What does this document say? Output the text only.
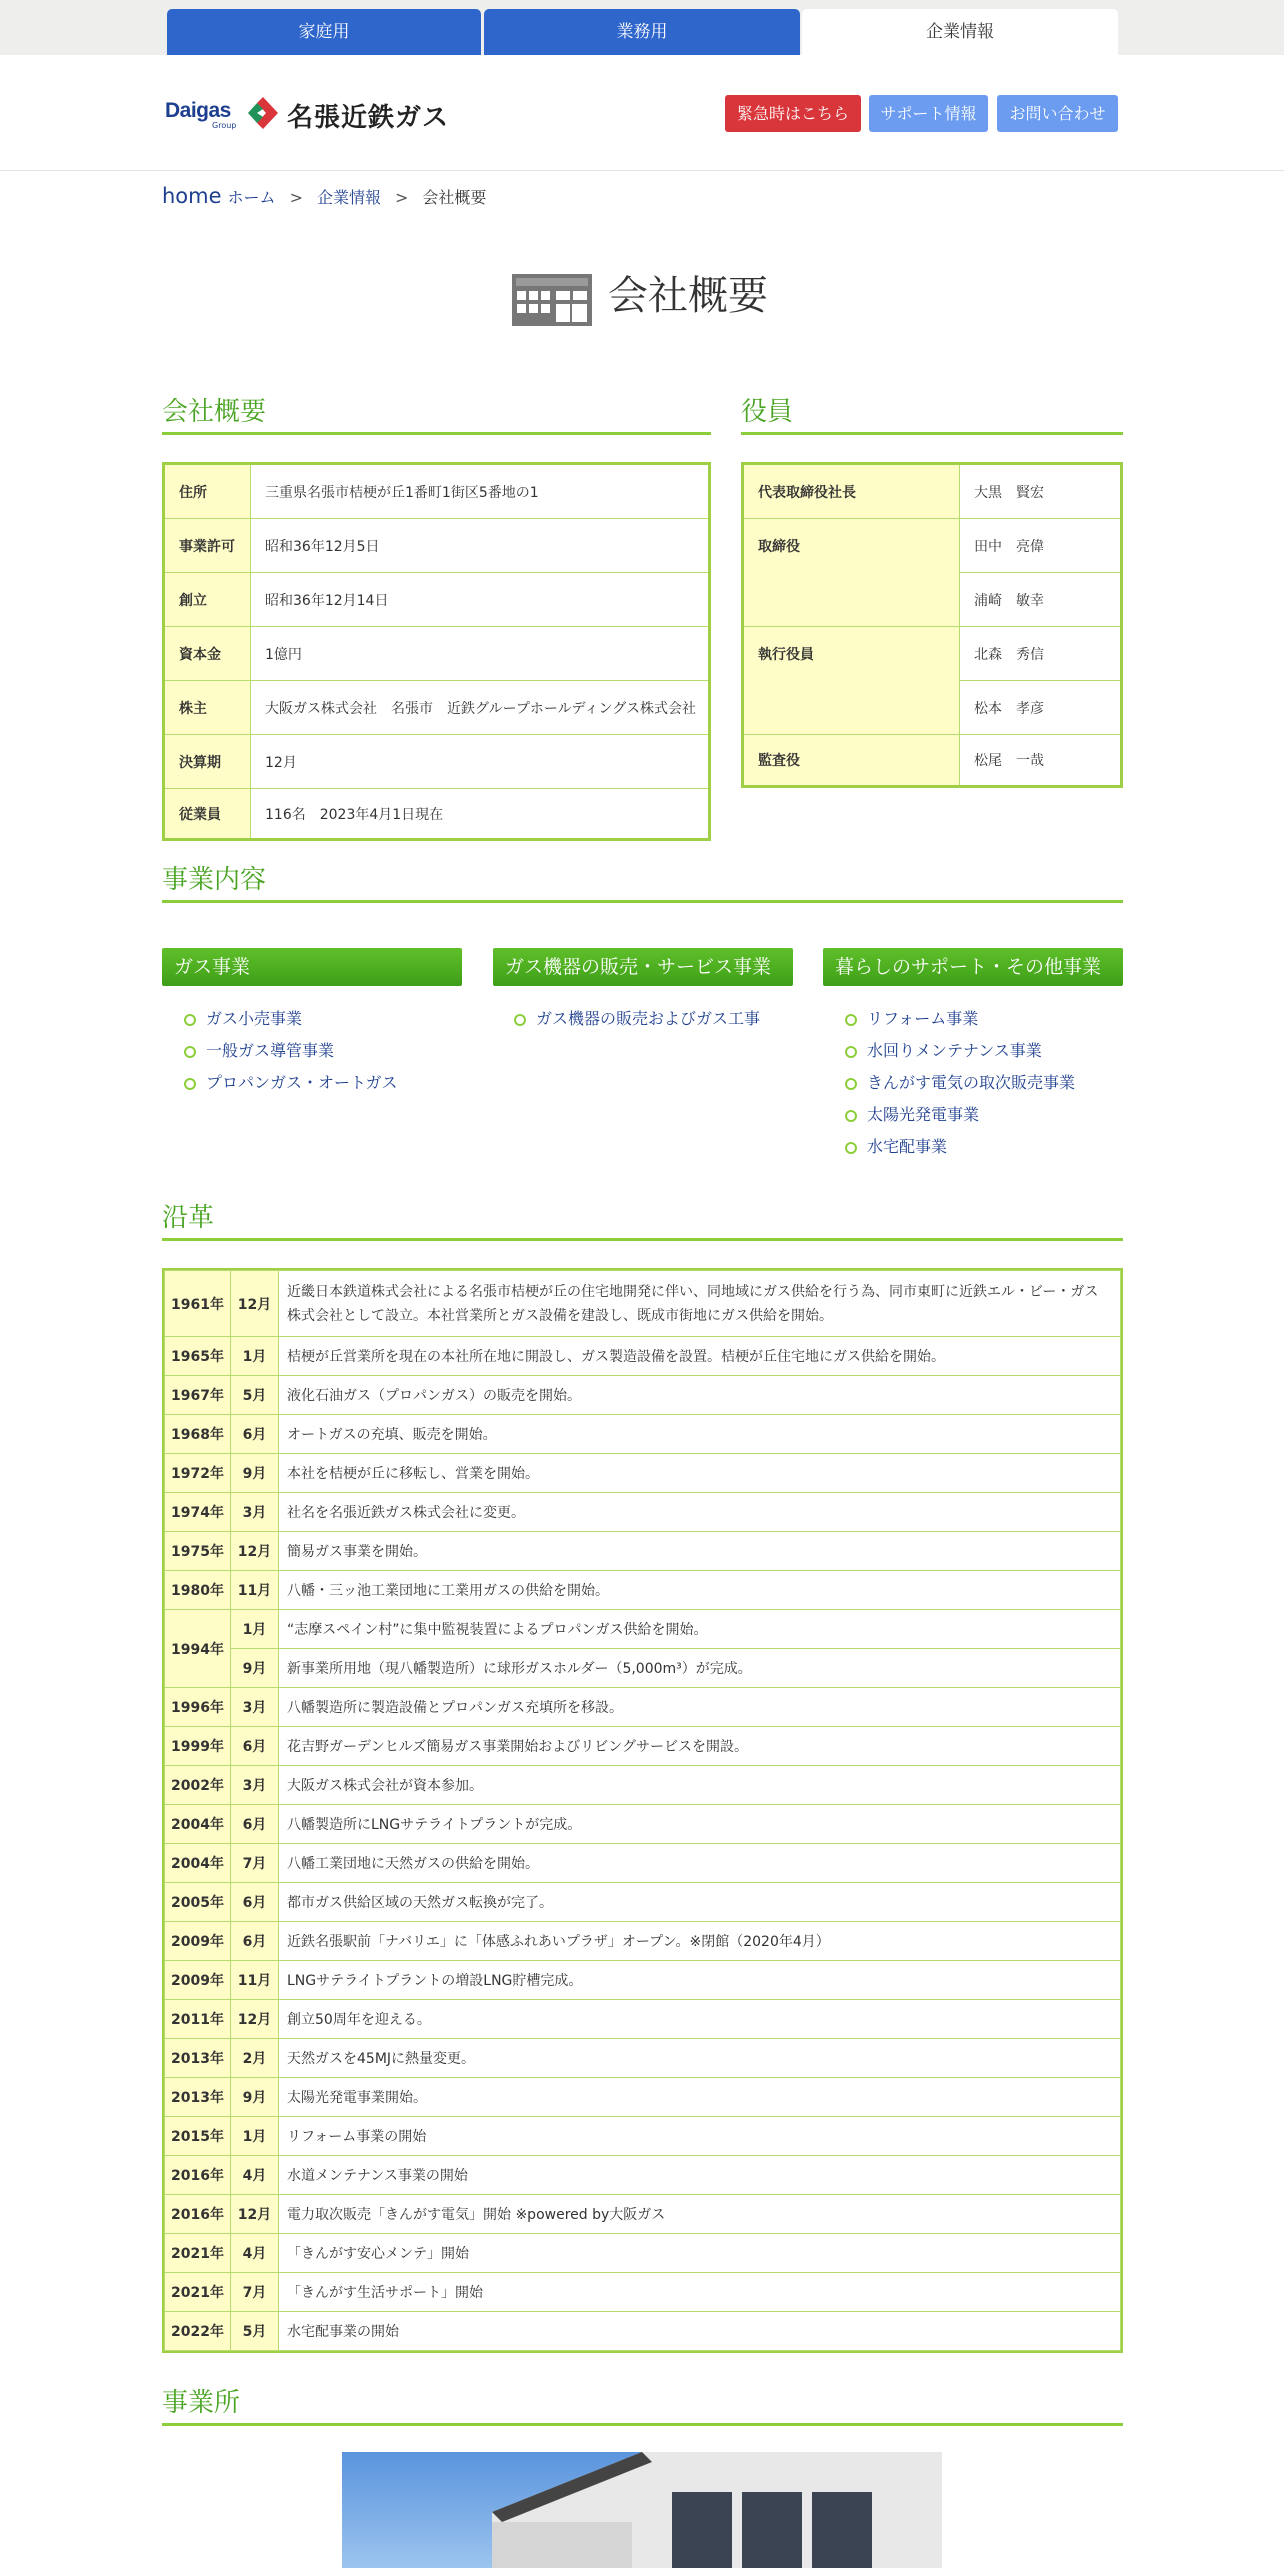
家庭用	業務用	企業情報
Daigas
Group 名張近鉄ガス	緊急時はこちら	サポート情報	お問い合わせ
home ホーム > 企業情報 > 会社概要
会社概要
会社概要
住所	三重県名張市桔梗が丘1番町1街区5番地の1
事業許可	昭和36年12月5日
創立	昭和36年12月14日
資本金	1億円
株主	大阪ガス株式会社　名張市　近鉄グループホールディングス株式会社
決算期	12月
従業員	116名　2023年4月1日現在
役員
代表取締役社長	大黒　賢宏
取締役	田中　亮偉
浦崎　敏幸
執行役員	北森　秀信
松本　孝彦
監査役	松尾　一哉
事業内容
ガス事業
ガス小売事業
一般ガス導管事業
プロパンガス・オートガス
ガス機器の販売・サービス事業
ガス機器の販売およびガス工事
暮らしのサポート・その他事業
リフォーム事業
水回りメンテナンス事業
きんがす電気の取次販売事業
太陽光発電事業
水宅配事業
沿革
1961年	12月	近畿日本鉄道株式会社による名張市桔梗が丘の住宅地開発に伴い、同地域にガス供給を行う為、同市東町に近鉄エル・ビー・ガス株式会社として設立。本社営業所とガス設備を建設し、既成市街地にガス供給を開始。
1965年	1月	桔梗が丘営業所を現在の本社所在地に開設し、ガス製造設備を設置。桔梗が丘住宅地にガス供給を開始。
1967年	5月	液化石油ガス（プロパンガス）の販売を開始。
1968年	6月	オートガスの充填、販売を開始。
1972年	9月	本社を桔梗が丘に移転し、営業を開始。
1974年	3月	社名を名張近鉄ガス株式会社に変更。
1975年	12月	簡易ガス事業を開始。
1980年	11月	八幡・三ッ池工業団地に工業用ガスの供給を開始。
1994年	1月	“志摩スペイン村”に集中監視装置によるプロパンガス供給を開始。
	9月	新事業所用地（現八幡製造所）に球形ガスホルダー（5,000m³）が完成。
1996年	3月	八幡製造所に製造設備とプロパンガス充填所を移設。
1999年	6月	花吉野ガーデンヒルズ簡易ガス事業開始およびリビングサービスを開設。
2002年	3月	大阪ガス株式会社が資本参加。
2004年	6月	八幡製造所にLNGサテライトプラントが完成。
2004年	7月	八幡工業団地に天然ガスの供給を開始。
2005年	6月	都市ガス供給区域の天然ガス転換が完了。
2009年	6月	近鉄名張駅前「ナバリエ」に「体感ふれあいプラザ」オープン。※閉館（2020年4月）
2009年	11月	LNGサテライトプラントの増設LNG貯槽完成。
2011年	12月	創立50周年を迎える。
2013年	2月	天然ガスを45MJに熱量変更。
2013年	9月	太陽光発電事業開始。
2015年	1月	リフォーム事業の開始
2016年	4月	水道メンテナンス事業の開始
2016年	12月	電力取次販売「きんがす電気」開始 ※powered by大阪ガス
2021年	4月	「きんがす安心メンテ」開始
2021年	7月	「きんがす生活サポート」開始
2022年	5月	水宅配事業の開始
事業所
